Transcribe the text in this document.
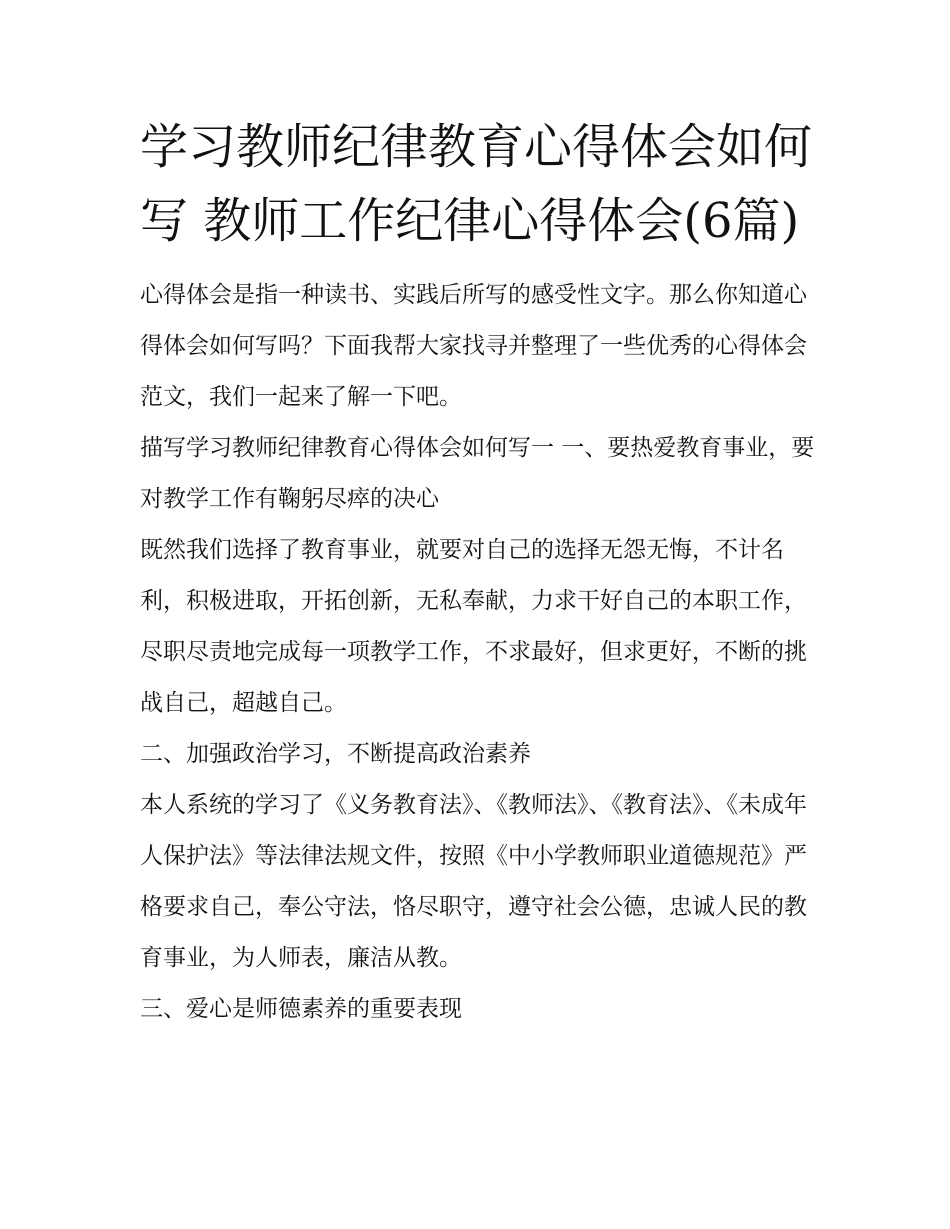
学习教师纪律教育心得体会如何写 教师工作纪律心得体会(6篇)

心得体会是指一种读书、实践后所写的感受性文字。那么你知道心得体会如何写吗？下面我帮大家找寻并整理了一些优秀的心得体会范文，我们一起来了解一下吧。

描写学习教师纪律教育心得体会如何写一 一、要热爱教育事业，要对教学工作有鞠躬尽瘁的决心

既然我们选择了教育事业，就要对自己的选择无怨无悔，不计名利，积极进取，开拓创新，无私奉献，力求干好自己的本职工作，尽职尽责地完成每一项教学工作，不求最好，但求更好，不断的挑战自己，超越自己。

二、加强政治学习，不断提高政治素养

本人系统的学习了《义务教育法》、《教师法》、《教育法》、《未成年人保护法》等法律法规文件，按照《中小学教师职业道德规范》严格要求自己，奉公守法，恪尽职守，遵守社会公德，忠诚人民的教育事业，为人师表，廉洁从教。

三、爱心是师德素养的重要表现
